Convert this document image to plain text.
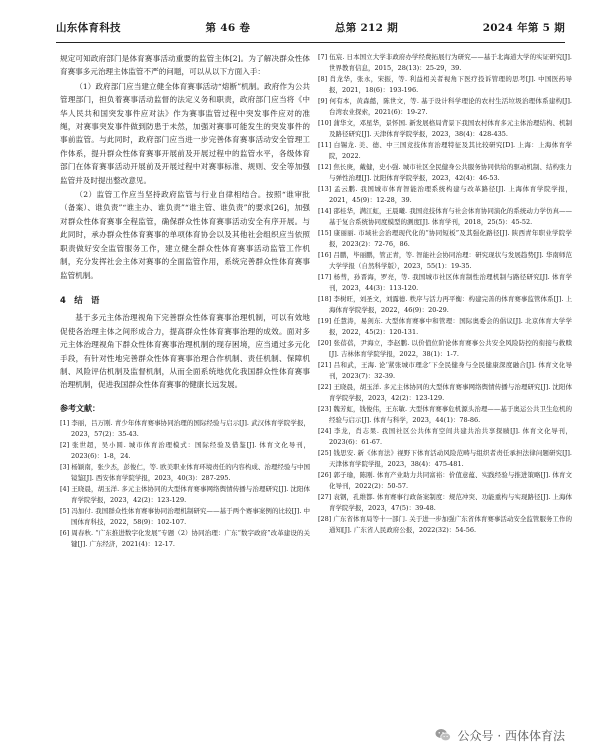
山东体育科技	第 46 卷	总第 212 期	2024 年第 5 期

规定可知政府部门是体育赛事活动重要的监管主体[2]。为了解决群众性体育赛事多元治理主体监管不严的问题，可以从以下方面入手：

（1）政府部门应当建立健全体育赛事活动“熔断”机制。政府作为公共管理部门，担负着赛事活动监督的法定义务和职责，政府部门应当将《中华人民共和国突发事件应对法》作为赛事监管过程中突发事件应对的准绳，对赛事突发事件做到防患于未然，加强对赛事可能发生的突发事件的事前监管。与此同时，政府部门应当进一步完善体育赛事活动安全管理工作体系，提升群众性体育赛事开展前及开展过程中的监管水平，各级体育部门在体育赛事活动开展前及开展过程中对赛事标准、规则、安全等加强监管并及时提出整改意见。

（2）监管工作应当坚持政府监管与行业自律相结合。按照“谁审批（备案）、谁负责”“谁主办、谁负责”“谁主管、谁负责”的要求[26]，加强对群众性体育赛事全程监管，确保群众性体育赛事活动安全有序开展。与此同时，承办群众性体育赛事的单项体育协会以及其他社会组织应当依照职责做好安全监管服务工作，建立健全群众性体育赛事活动监管工作机制，充分发挥社会主体对赛事的全面监管作用，系统完善群众性体育赛事监管机制。

4　结　语

基于多元主体治理视角下完善群众性体育赛事治理机制，可以有效地促使各治理主体之间形成合力，提高群众性体育赛事治理的成效。面对多元主体治理视角下群众性体育赛事治理机制的现存困境，应当通过多元化手段，有针对性地完善群众性体育赛事治理合作机制、责任机制、保障机制、风险评估机制及监督机制，从而全面系统地优化我国群众性体育赛事治理机制，促进我国群众性体育赛事的健康长远发展。

参考文献：

[1] 李丽，吕万刚. 青少年体育赛事协同治理的国际经验与启示[J]. 武汉体育学院学报，2023，57(2)：35-43.

[2] 张世超，吴小圆. 城市体育治理模式：国际经验及借鉴[J]. 体育文化导刊，2023(6)：1-8，24.

[3] 杨颖南，张少杰，彭俊仁，等. 欧美职业体育环境责任的内容构成、治理经验与中国镜鉴[J]. 西安体育学院学报，2023，40(3)：287-295.

[4] 王晓晨，胡玉洋. 多元主体协同的大型体育赛事网络舆情传播与治理研究[J]. 沈阳体育学院学报，2023，42(2)：123-129.

[5] 冯加付. 我国群众性体育赛事协同治理机制研究——基于两个赛事案例的比较[J]. 中国体育科技，2022，58(9)：102-107.

[6] 周春秋. “广东推进数字化发展”专题（2）协同治理：广东“数字政府”改革建设的关键[J]. 广东经济，2021(4)：12-17.

[7] 伍宸. 日本国立大学非政府办学经费拓展行为研究——基于北海道大学的实证研究[J]. 世界教育信息，2015，28(13)：25-29，39.

[8] 肖龙华，张永，宋振，等. 利益相关者视角下医疗投诉管理的思考[J]. 中国医药导报，2021，18(6)：193-196.

[9] 何有本，黄森懿，陈世文，等. 基于设计科学理论的农村生活垃圾治理体系建构[J]. 台湾农业探索，2021(6)：19-27.

[10] 蒲华文，邓星华，景怀国. 新发展格局背景下我国农村体育多元主体治理结构、机制及路径研究[J]. 天津体育学院学报，2023，38(4)：428-435.

[11] 白锡龙. 美、德、中三国竞技体育治理特征及其比较研究[D]. 上海：上海体育学院，2022.

[12] 焦长庚，戴健，史小强. 城市社区全民健身公共服务协同供给的驱动机制、结构张力与弹性治理[J]. 沈阳体育学院学报，2023，42(4)：46-53.

[13] 孟云鹏. 我国城市体育智能治理系统构建与改革路径[J]. 上海体育学院学报，2021，45(9)：12-28，39.

[14] 邵桂华，满江虹，王晨曦. 我国竞技体育与社会体育协同演化的系统动力学仿真——基于复合系统协同度模型的测度[J]. 体育学刊，2018，25(5)：45-52.

[15] 康丽丽. 市域社会治理现代化的“协同短板”及其强化路径[J]. 陕西青年职业学院学报，2023(2)：72-76，86.

[16] 吕鹏，毕丽鹏，管正青，等. 智能社会协同治理：研究现状与发展趋势[J]. 华南师范大学学报（自然科学版），2023，55(1)：19-35.

[17] 杨彗，孙晋海，罗亮，等. 我国城市社区体育制性治理机制与路径研究[J]. 体育学刊，2023，44(3)：113-120.

[18] 李树旺，刘圣文，刘露德. 秩序与活力再平衡：构建完善的体育赛事监管体系[J]. 上海体育学院学报，2022，46(9)：20-29.

[19] 任慧涛，易剑东. 大型体育赛事中和管理：国际奥委会的倡议[J]. 北京体育大学学报，2022，45(2)：120-131.

[20] 张蓓蓓，尹海立，李赵鹏. 以价值位阶论体育赛事公共安全风险防控的衔接与救赎[J]. 吉林体育学院学报，2022，38(1)：1-7.

[21] 吕和武，王海. 论‘紧张城市理念’下全民健身与全民健康深度融合[J]. 体育文化导刊，2023(7)：32-39.

[22] 王晓晨，胡玉洋. 多元主体协同的大型体育赛事网络舆情传播与治理研究[J]. 沈阳体育学院学报，2023，42(2)：123-129.

[23] 魏芳虹，钱俊伟，王东敏. 大型体育赛事危机源头治理——基于奥运公共卫生危机的经验与启示[J]. 体育与科学，2023，44(1)：78-86.

[24] 李龙，肖志果. 我国社区公共体育空间共建共治共享探赜[J]. 体育文化导刊，2023(6)：61-67.

[25] 钱思安. 新《体育法》视野下体育活动风险范畴与组织者责任承担法律问题研究[J]. 天津体育学院学报，2023，38(4)：475-481.

[26] 郭子瑜，陈刚. 体育产业助力共同富裕：价值意蕴、实践经验与推进策略[J]. 体育文化导刊，2022(2)：50-57.

[27] 袁钢，孔维都. 体育赛事行政备案制度：规范冲突、功能重构与实现路径[J]. 上海体育学院学报，2023，47(5)：39-48.

[28] 广东省体育局等十一部门. 关于进一步加强广东省体育赛事活动安全监管服务工作的通知[J]. 广东省人民政府公报，2022(32)：54-56.

公众号 · 西体体育法
